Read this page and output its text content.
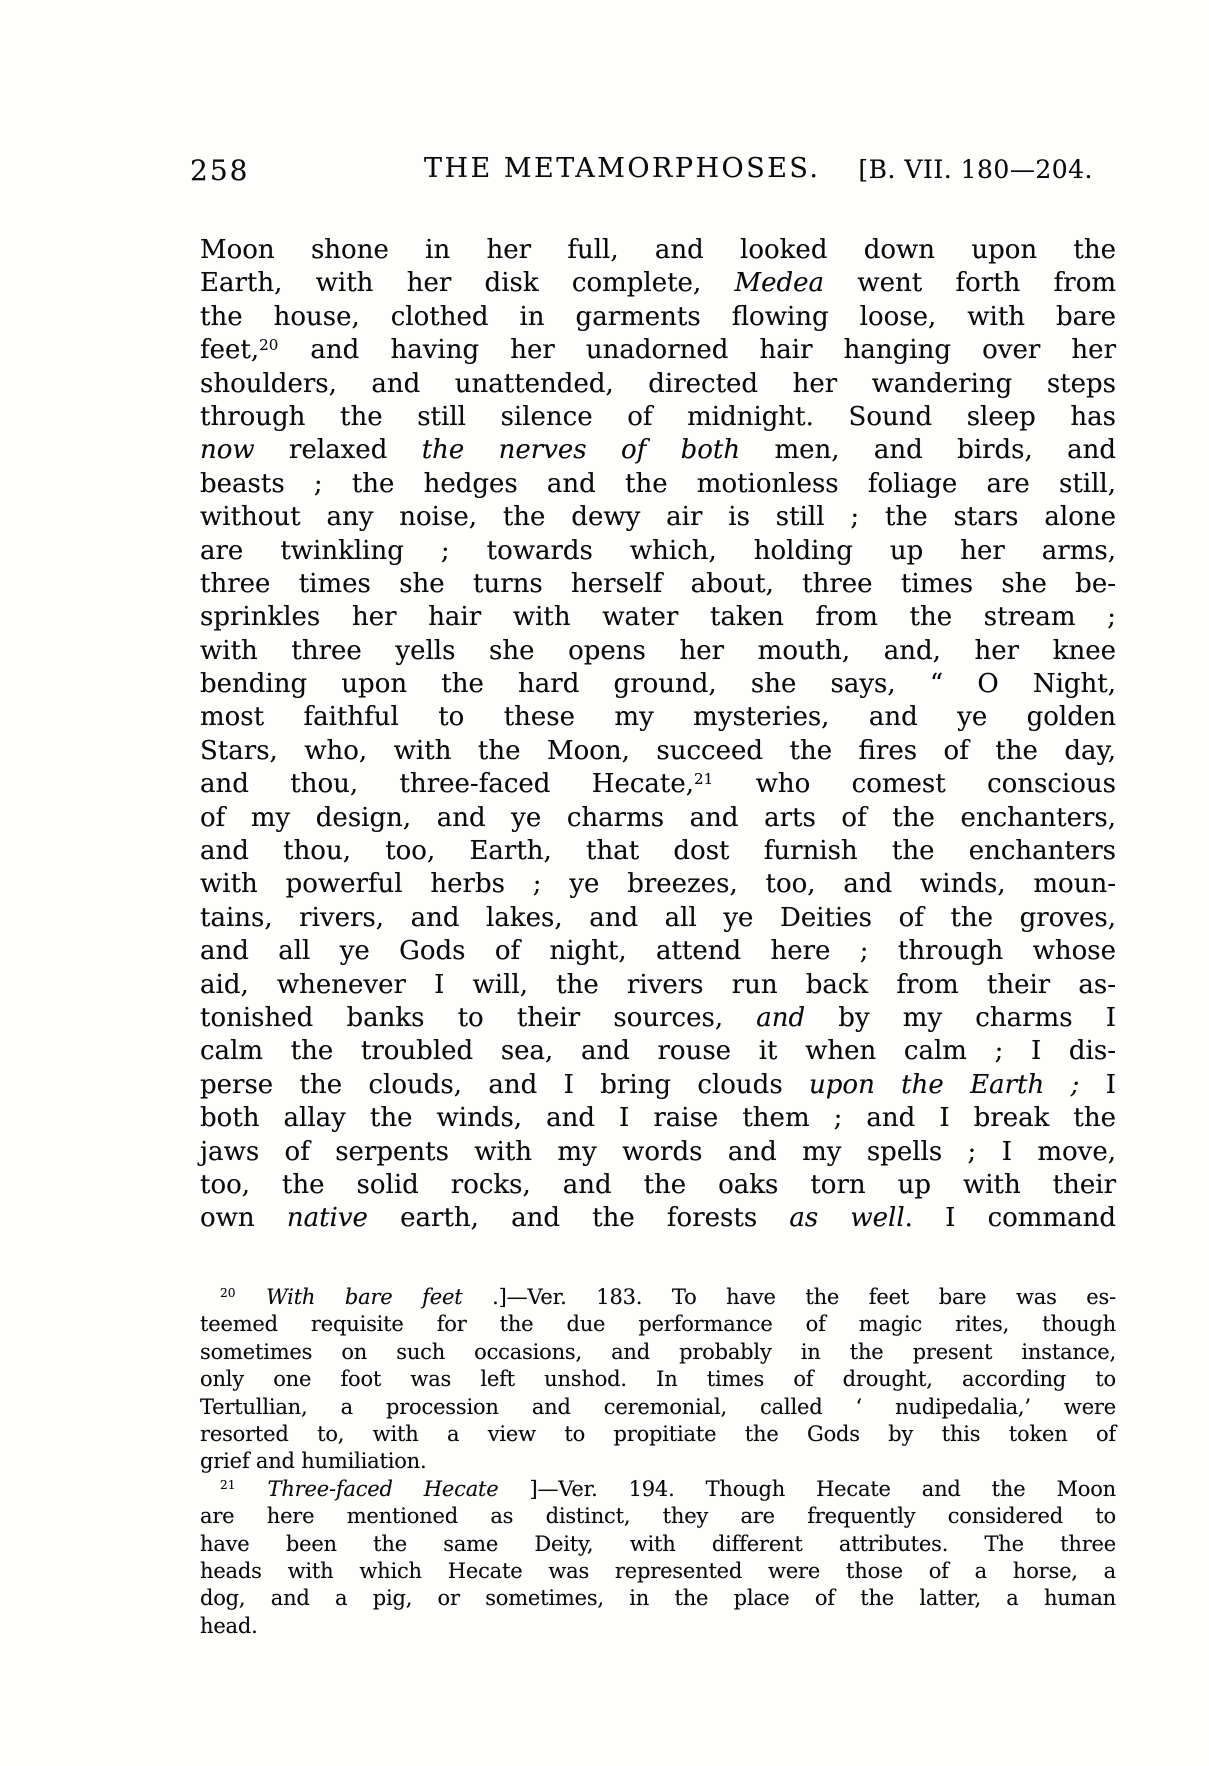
258	THE METAMORPHOSES. [B. VII. 180—204.
Moon shone in her full, and looked down upon the
Earth, with her disk complete, Medea went forth from
the house, clothed in garments flowing loose, with bare
feet,$^{20}$ and having her unadorned hair hanging over her
shoulders, and unattended, directed her wandering steps
through the still silence of midnight. Sound sleep has
now relaxed the nerves of both men, and birds, and
beasts ; the hedges and the motionless foliage are still,
without any noise, the dewy air is still ; the stars alone
are twinkling ; towards which, holding up her arms,
three times she turns herself about, three times she be-
sprinkles her hair with water taken from the stream ;
with three yells she opens her mouth, and, her knee
bending upon the hard ground, she says, “ O Night,
most faithful to these my mysteries, and ye golden
Stars, who, with the Moon, succeed the fires of the day,
and thou, three-faced Hecate,$^{21}$ who comest conscious
of my design, and ye charms and arts of the enchanters,
and thou, too, Earth, that dost furnish the enchanters
with powerful herbs ; ye breezes, too, and winds, moun-
tains, rivers, and lakes, and all ye Deities of the groves,
and all ye Gods of night, attend here ; through whose
aid, whenever I will, the rivers run back from their as-
tonished banks to their sources, and by my charms I
calm the troubled sea, and rouse it when calm ; I dis-
perse the clouds, and I bring clouds upon the Earth ; I
both allay the winds, and I raise them ; and I break the
jaws of serpents with my words and my spells ; I move,
too, the solid rocks, and the oaks torn up with their
own native earth, and the forests as well. I command
$^{20}$ With bare feet .]—Ver. 183. To have the feet bare was es-
teemed requisite for the due performance of magic rites, though
sometimes on such occasions, and probably in the present instance,
only one foot was left unshod. In times of drought, according to
Tertullian, a procession and ceremonial, called ‘ nudipedalia,’ were
resorted to, with a view to propitiate the Gods by this token of
grief and humiliation.
$^{21}$ Three-faced Hecate ]—Ver. 194. Though Hecate and the Moon
are here mentioned as distinct, they are frequently considered to
have been the same Deity, with different attributes. The three
heads with which Hecate was represented were those of a horse, a
dog, and a pig, or sometimes, in the place of the latter, a human
head.
